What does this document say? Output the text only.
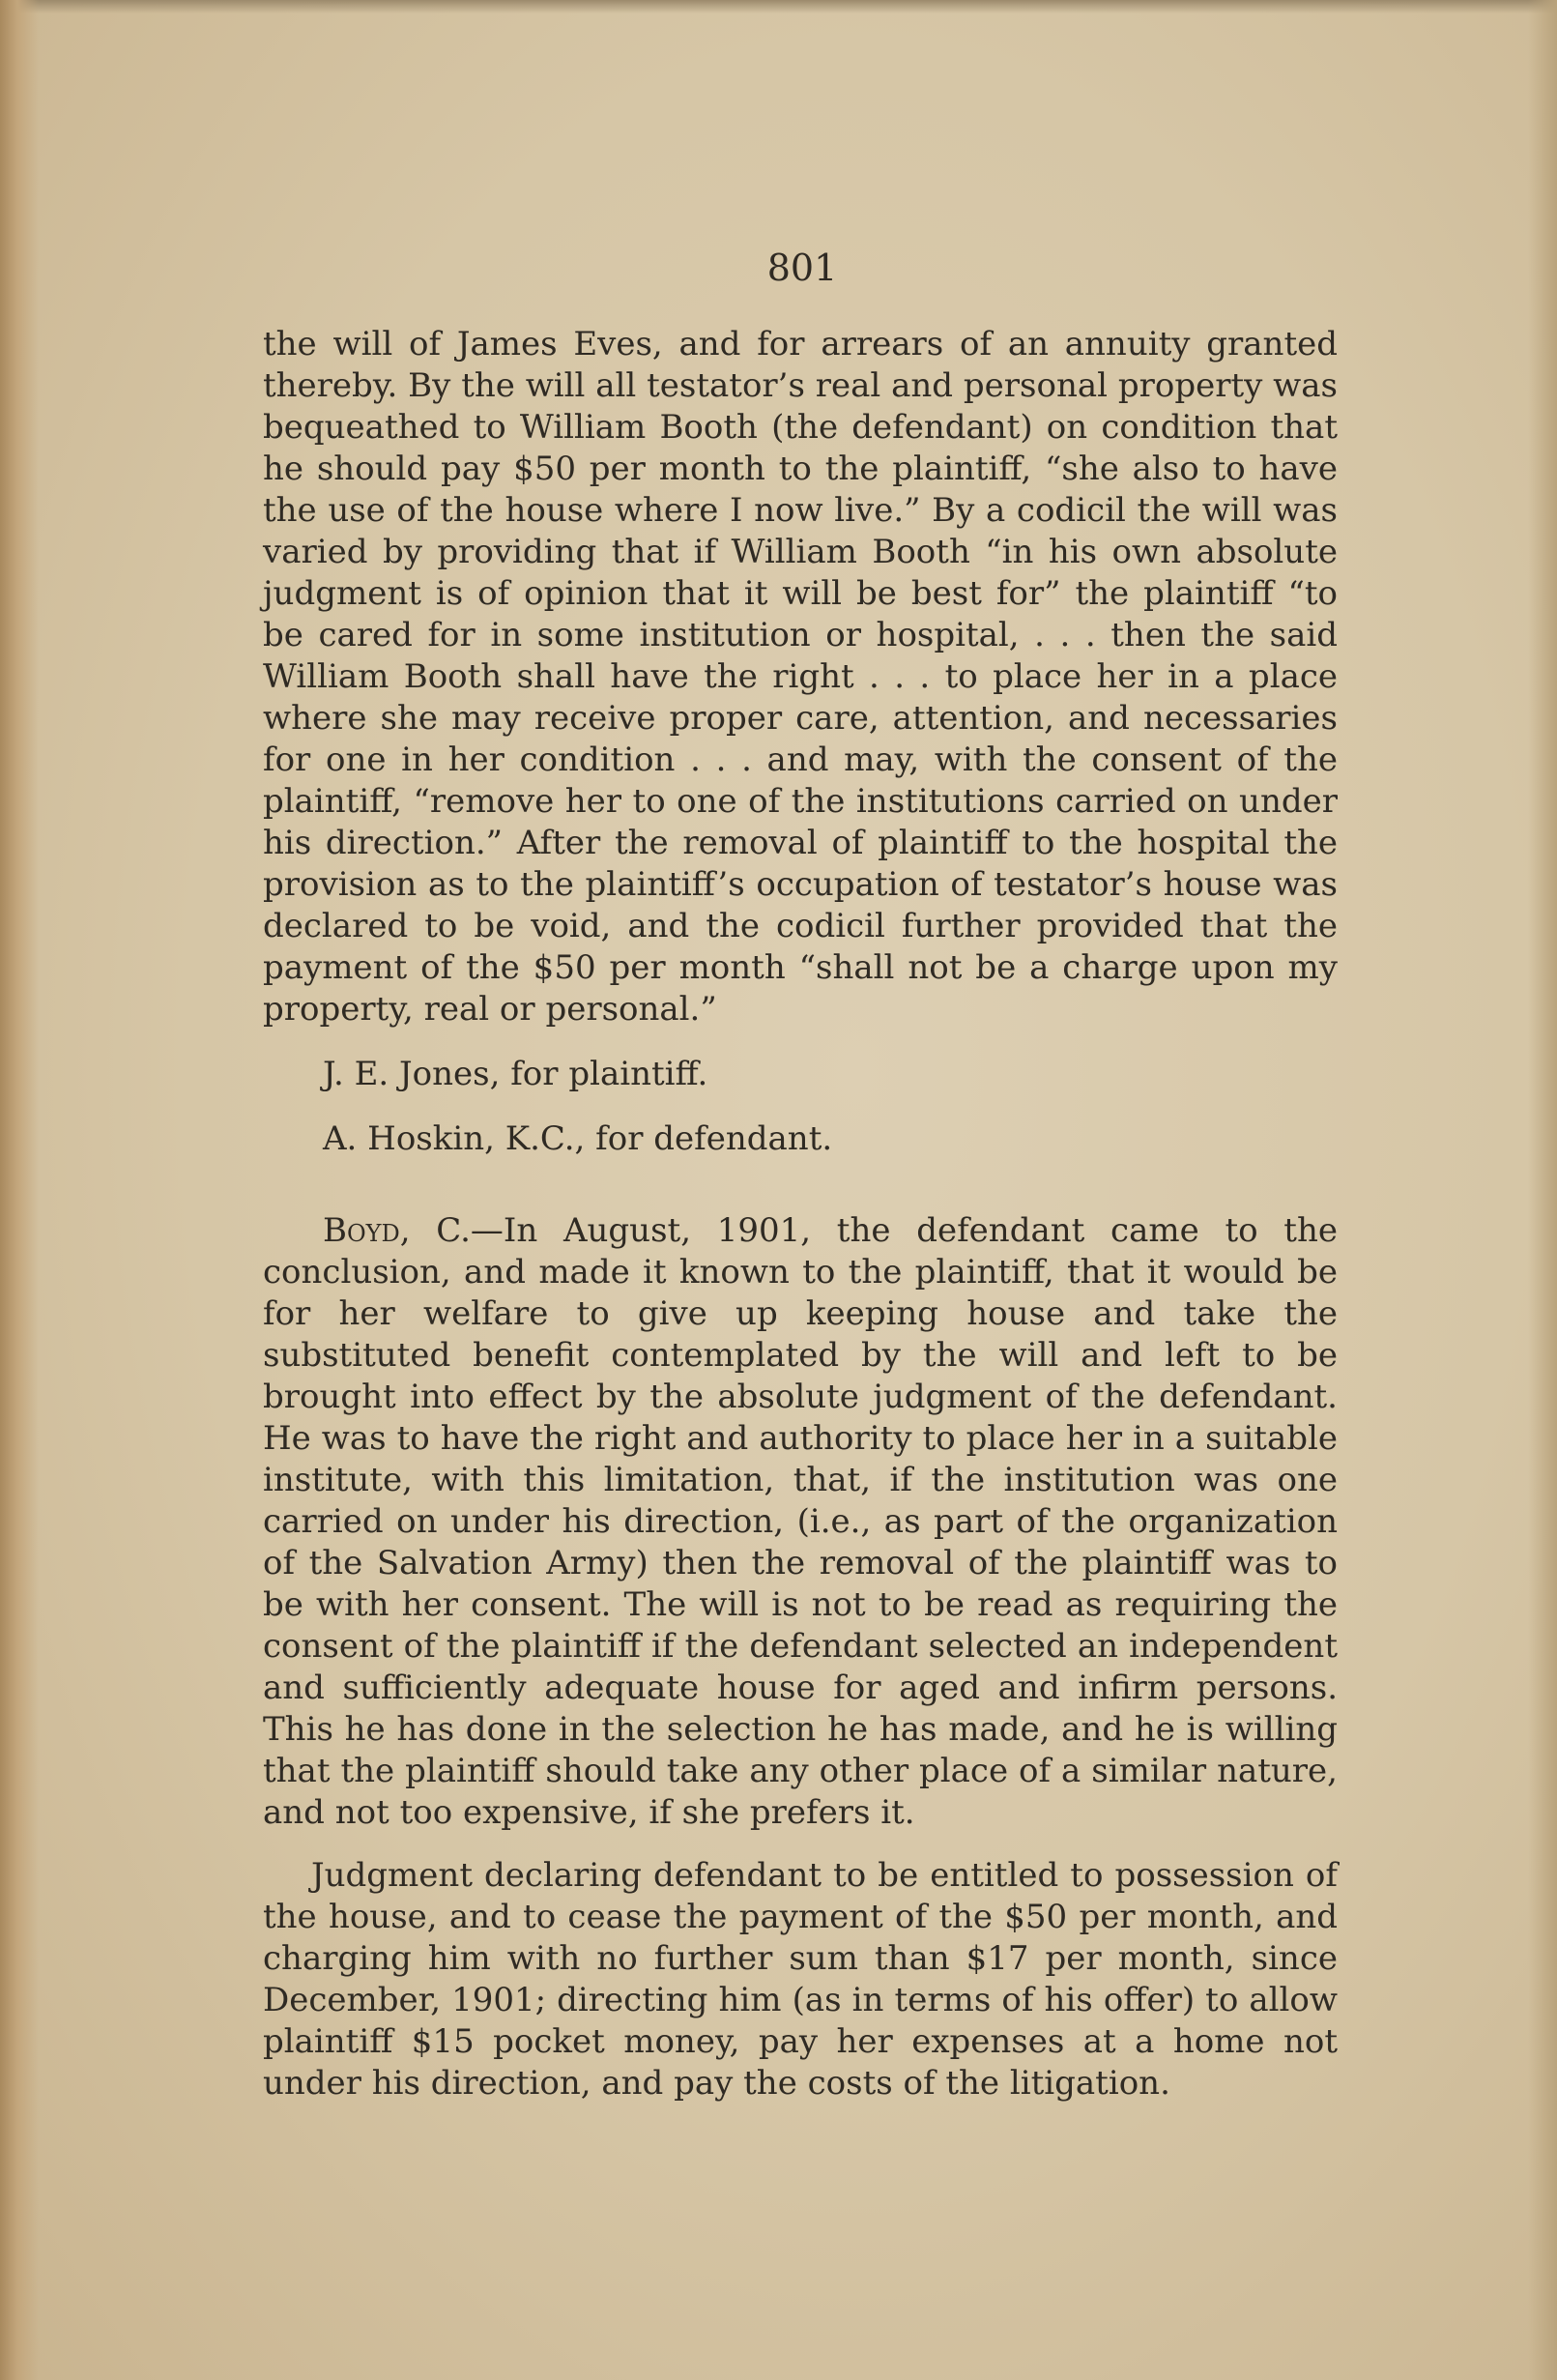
801

the will of James Eves, and for arrears of an annuity granted thereby. By the will all testator’s real and personal property was bequeathed to William Booth (the defendant) on condition that he should pay $50 per month to the plaintiff, “she also to have the use of the house where I now live.” By a codicil the will was varied by providing that if William Booth “in his own absolute judgment is of opinion that it will be best for” the plaintiff “to be cared for in some institution or hospital, . . . then the said William Booth shall have the right . . . to place her in a place where she may receive proper care, attention, and necessaries for one in her condition . . . and may, with the consent of the plaintiff, “remove her to one of the institutions carried on under his direction.” After the removal of plaintiff to the hospital the provision as to the plaintiff’s occupation of testator’s house was declared to be void, and the codicil further provided that the payment of the $50 per month “shall not be a charge upon my property, real or personal.”

J. E. Jones, for plaintiff.

A. Hoskin, K.C., for defendant.

Boyd, C.—In August, 1901, the defendant came to the conclusion, and made it known to the plaintiff, that it would be for her welfare to give up keeping house and take the substituted benefit contemplated by the will and left to be brought into effect by the absolute judgment of the defendant. He was to have the right and authority to place her in a suitable institute, with this limitation, that, if the institution was one carried on under his direction, (i.e., as part of the organization of the Salvation Army) then the removal of the plaintiff was to be with her consent. The will is not to be read as requiring the consent of the plaintiff if the defendant selected an independent and sufficiently adequate house for aged and infirm persons. This he has done in the selection he has made, and he is willing that the plaintiff should take any other place of a similar nature, and not too expensive, if she prefers it.

Judgment declaring defendant to be entitled to possession of the house, and to cease the payment of the $50 per month, and charging him with no further sum than $17 per month, since December, 1901; directing him (as in terms of his offer) to allow plaintiff $15 pocket money, pay her expenses at a home not under his direction, and pay the costs of the litigation.
